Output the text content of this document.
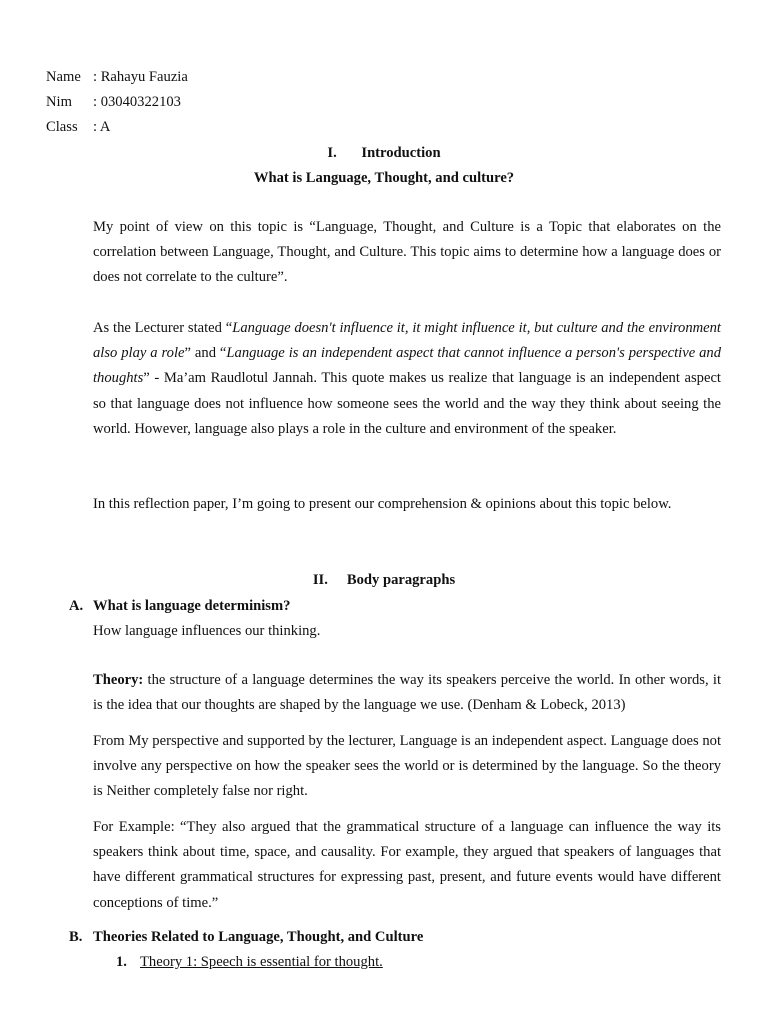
Name : Rahayu Fauzia
Nim : 03040322103
Class : A
I. Introduction
What is Language, Thought, and culture?
My point of view on this topic is “Language, Thought, and Culture is a Topic that elaborates on the correlation between Language, Thought, and Culture. This topic aims to determine how a language does or does not correlate to the culture”.
As the Lecturer stated “Language doesn't influence it, it might influence it, but culture and the environment also play a role” and “Language is an independent aspect that cannot influence a person's perspective and thoughts” - Ma’am Raudlotul Jannah. This quote makes us realize that language is an independent aspect so that language does not influence how someone sees the world and the way they think about seeing the world. However, language also plays a role in the culture and environment of the speaker.
In this reflection paper, I’m going to present our comprehension & opinions about this topic below.
II. Body paragraphs
A. What is language determinism?
How language influences our thinking.
Theory: the structure of a language determines the way its speakers perceive the world. In other words, it is the idea that our thoughts are shaped by the language we use. (Denham & Lobeck, 2013)
From My perspective and supported by the lecturer, Language is an independent aspect. Language does not involve any perspective on how the speaker sees the world or is determined by the language. So the theory is Neither completely false nor right.
For Example: “They also argued that the grammatical structure of a language can influence the way its speakers think about time, space, and causality. For example, they argued that speakers of languages that have different grammatical structures for expressing past, present, and future events would have different conceptions of time.”
B. Theories Related to Language, Thought, and Culture
1. Theory 1: Speech is essential for thought.
